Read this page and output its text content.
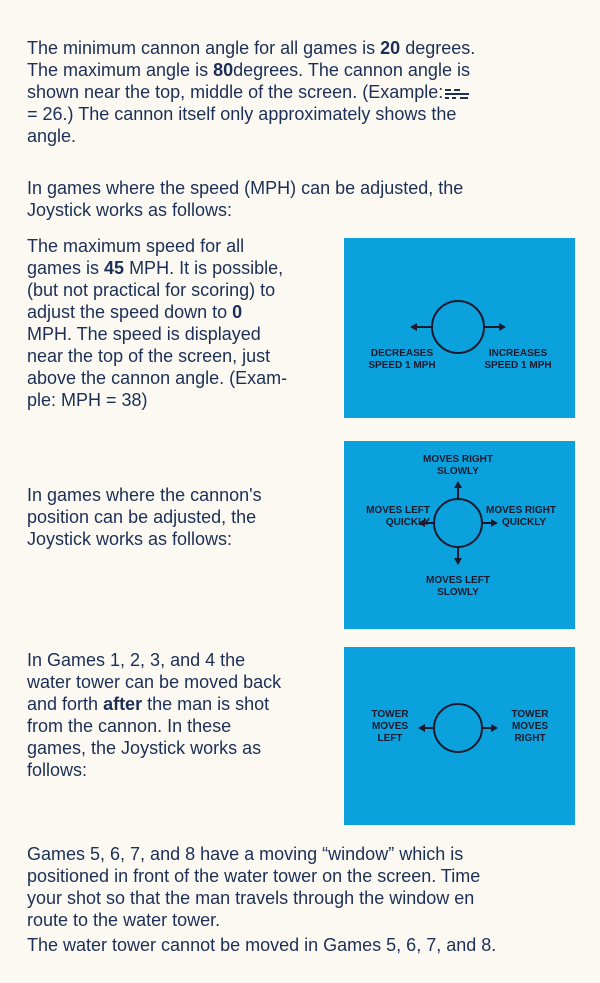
The minimum cannon angle for all games is 20 degrees.
The maximum angle is 80degrees. The cannon angle is
shown near the top, middle of the screen. (Example:
= 26.) The cannon itself only approximately shows the
angle.
In games where the speed (MPH) can be adjusted, the
Joystick works as follows:
The maximum speed for all
games is 45 MPH. It is possible,
(but not practical for scoring) to
adjust the speed down to 0
MPH. The speed is displayed
near the top of the screen, just
above the cannon angle. (Exam-
ple: MPH = 38)
DECREASES
SPEED 1 MPH
INCREASES
SPEED 1 MPH
In games where the cannon's
position can be adjusted, the
Joystick works as follows:
MOVES RIGHT
SLOWLY
MOVES LEFT
QUICKLY
MOVES RIGHT
QUICKLY
MOVES LEFT
SLOWLY
In Games 1, 2, 3, and 4 the
water tower can be moved back
and forth after the man is shot
from the cannon. In these
games, the Joystick works as
follows:
TOWER
MOVES
LEFT
TOWER
MOVES
RIGHT
Games 5, 6, 7, and 8 have a moving “window” which is
positioned in front of the water tower on the screen. Time
your shot so that the man travels through the window en
route to the water tower.
The water tower cannot be moved in Games 5, 6, 7, and 8.
